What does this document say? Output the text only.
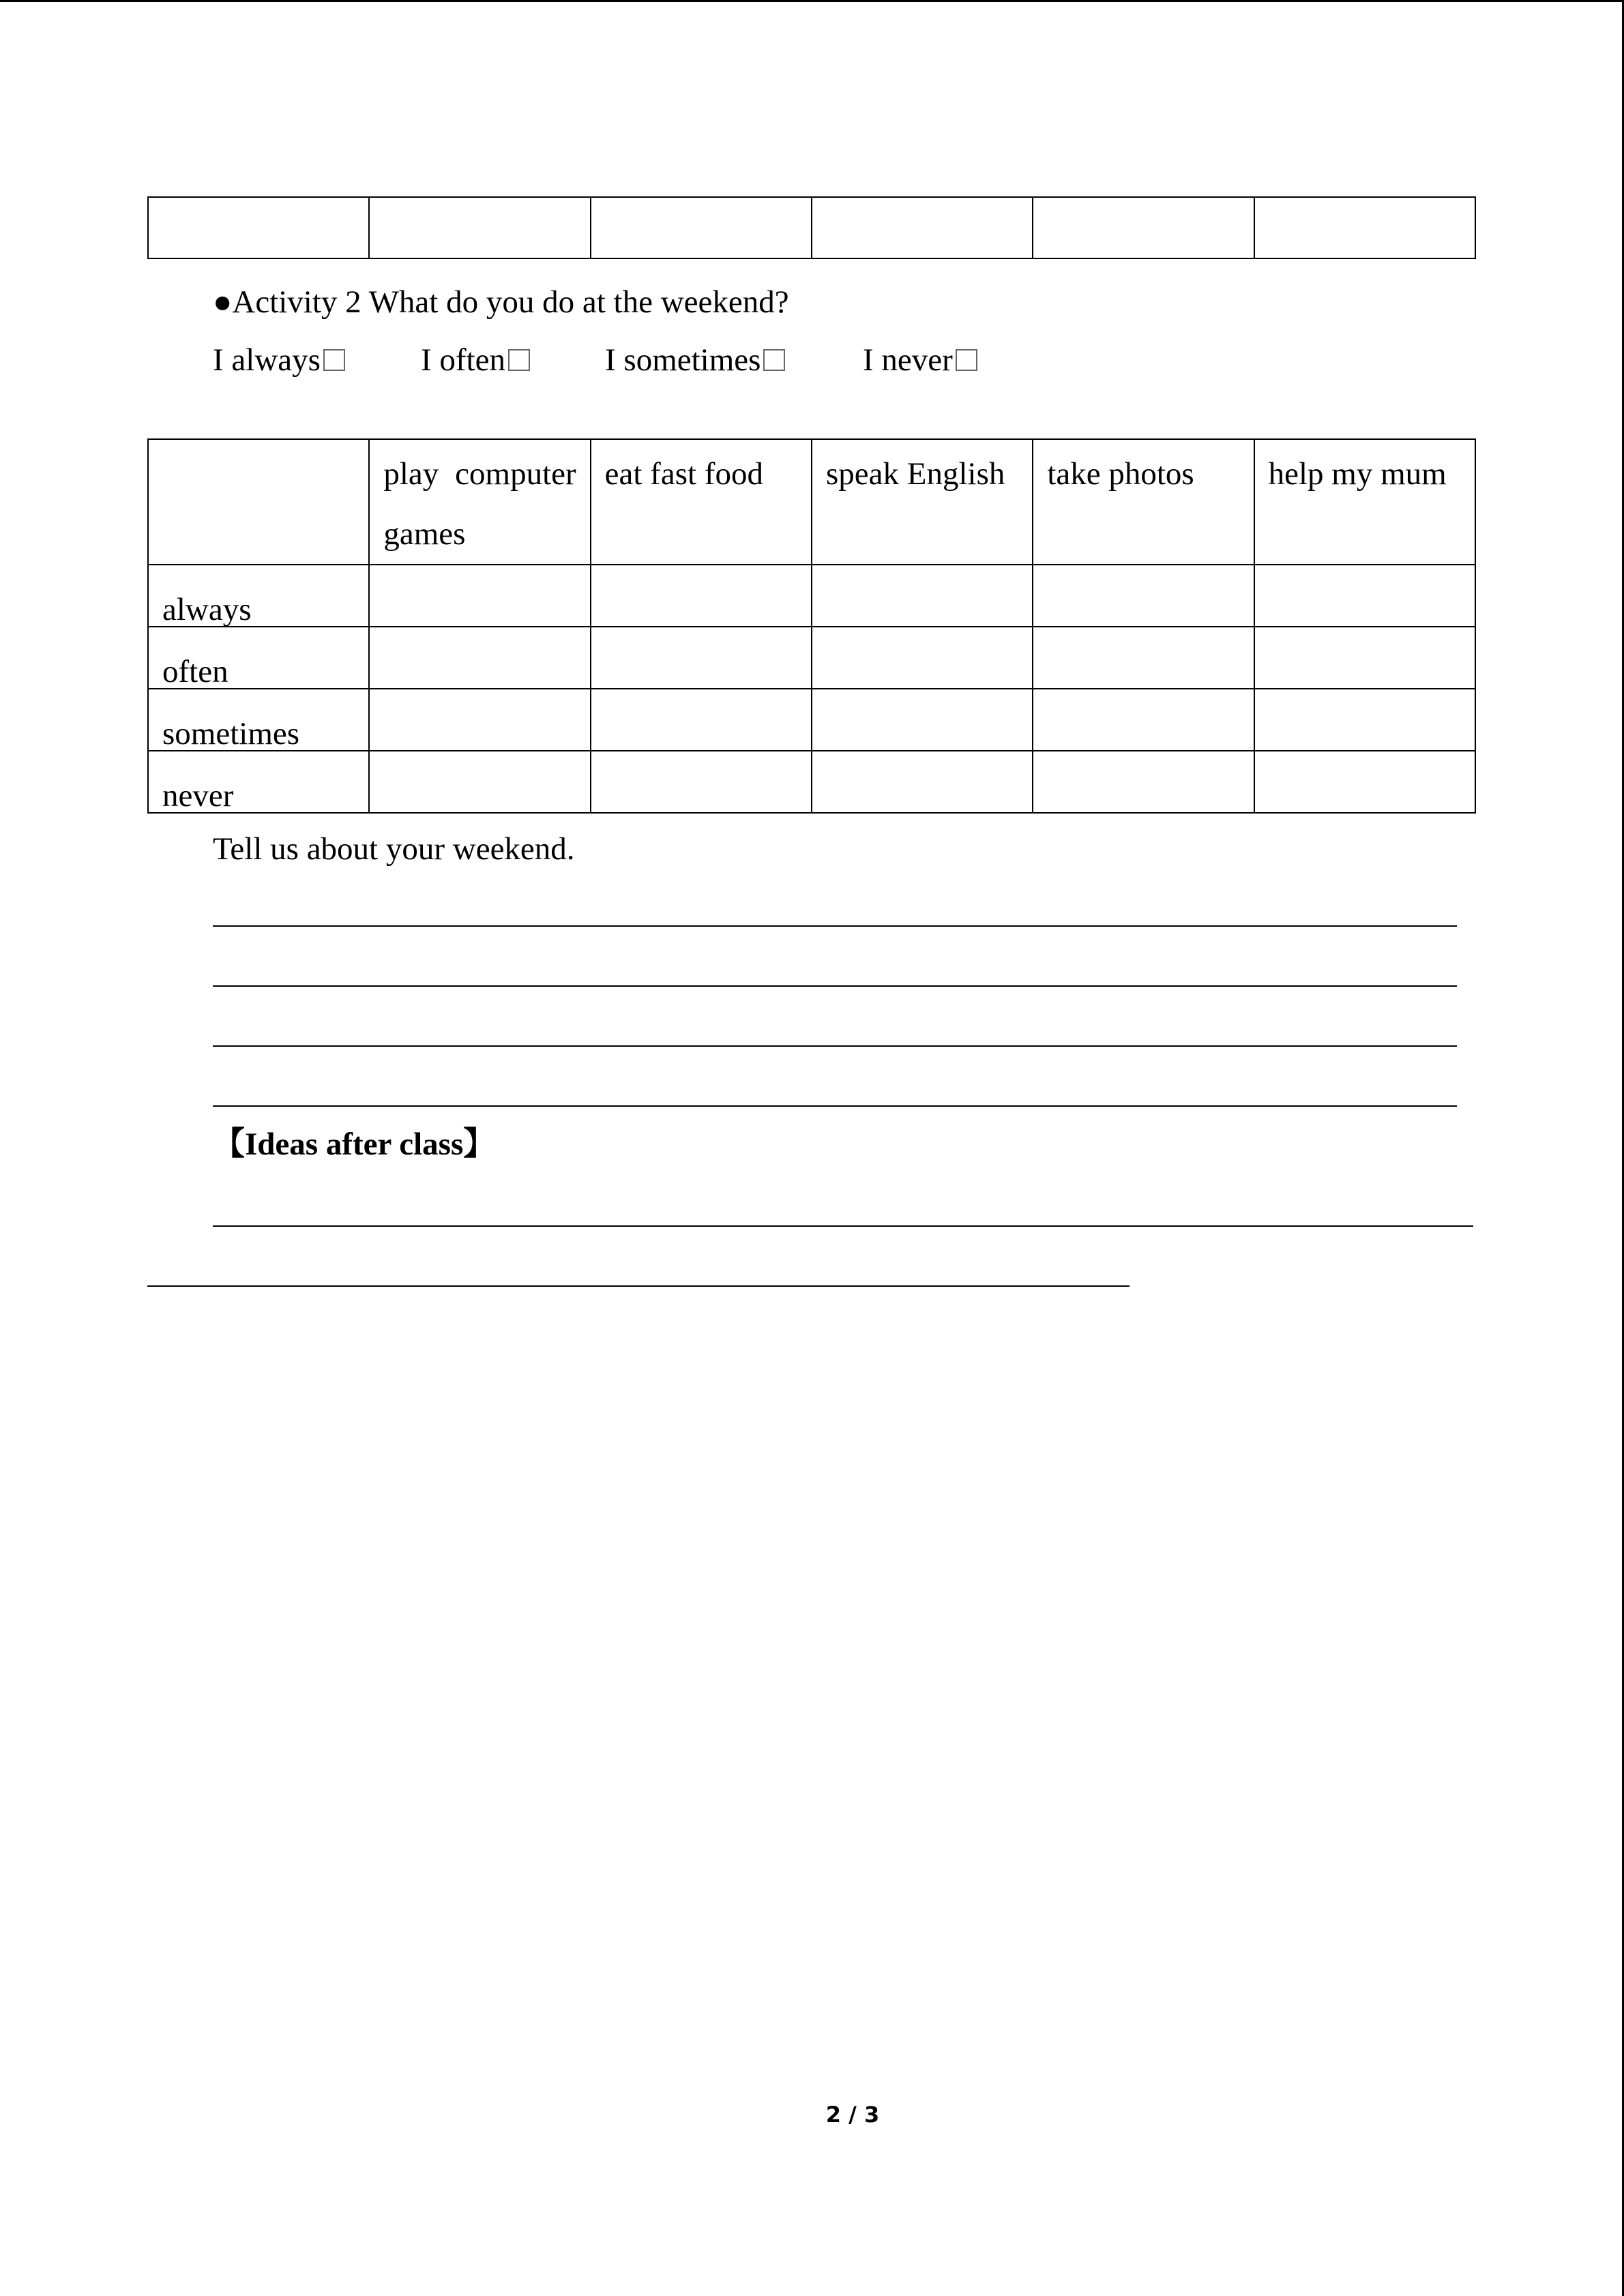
●Activity 2 What do you do at the weekend?
I always	I often	I sometimes	I never

	play computer games	eat fast food	speak English	take photos	help my mum

always					

often					

sometimes					

never					

Tell us about your weekend.
【Ideas after class】
2 / 3
